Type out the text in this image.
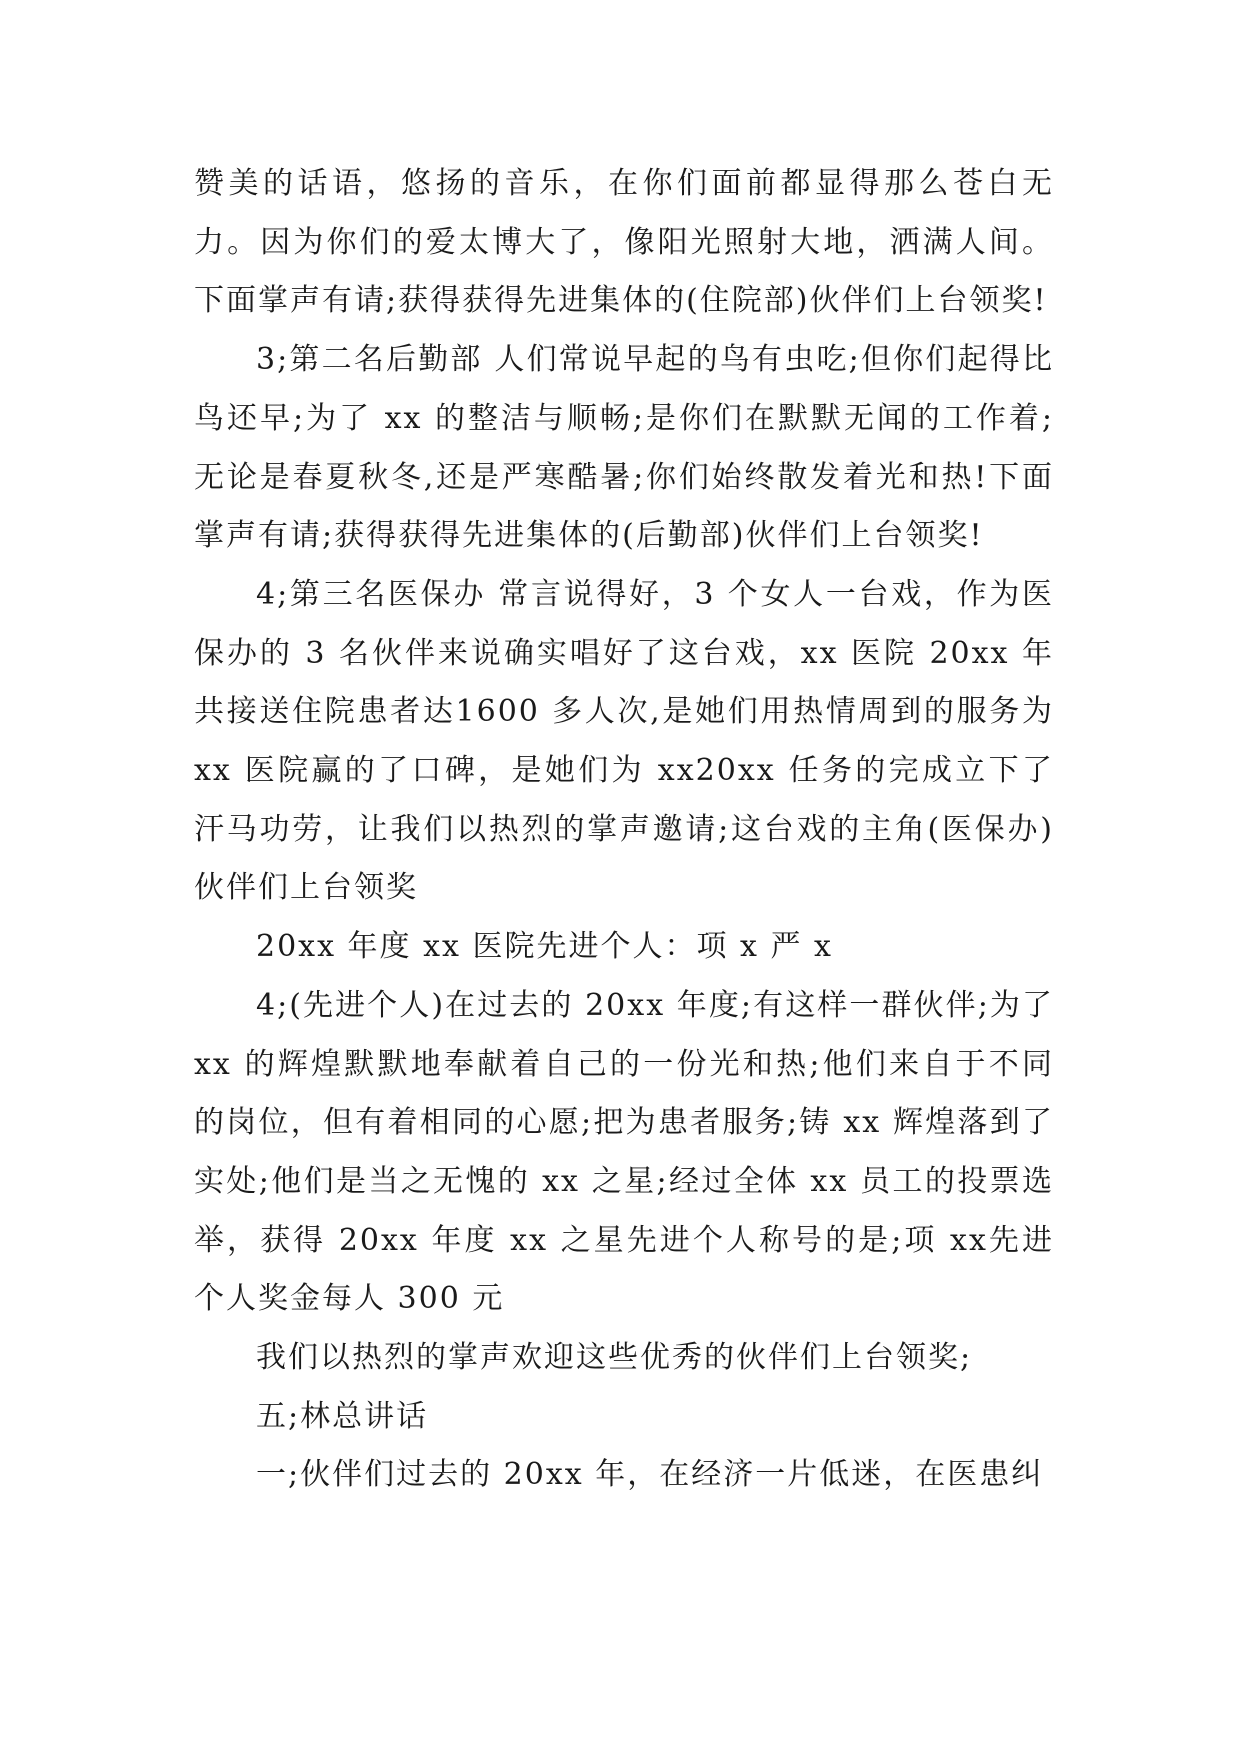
赞美的话语，悠扬的音乐，在你们面前都显得那么苍白无力。因为你们的爱太博大了，像阳光照射大地，洒满人间。下面掌声有请;获得获得先进集体的(住院部)伙伴们上台领奖!

3;第二名后勤部 人们常说早起的鸟有虫吃;但你们起得比鸟还早;为了 xx 的整洁与顺畅;是你们在默默无闻的工作着;无论是春夏秋冬,还是严寒酷暑;你们始终散发着光和热!下面掌声有请;获得获得先进集体的(后勤部)伙伴们上台领奖!

4;第三名医保办 常言说得好，3 个女人一台戏，作为医保办的 3 名伙伴来说确实唱好了这台戏，xx 医院 20xx 年共接送住院患者达1600 多人次,是她们用热情周到的服务为xx 医院赢的了口碑，是她们为 xx20xx 任务的完成立下了汗马功劳，让我们以热烈的掌声邀请;这台戏的主角(医保办)伙伴们上台领奖

20xx 年度 xx 医院先进个人：项 x 严 x

4;(先进个人)在过去的 20xx 年度;有这样一群伙伴;为了 xx 的辉煌默默地奉献着自己的一份光和热;他们来自于不同的岗位，但有着相同的心愿;把为患者服务;铸 xx 辉煌落到了实处;他们是当之无愧的 xx 之星;经过全体 xx 员工的投票选举，获得 20xx 年度 xx 之星先进个人称号的是;项 xx先进个人奖金每人 300 元

我们以热烈的掌声欢迎这些优秀的伙伴们上台领奖;

五;林总讲话

一;伙伴们过去的 20xx 年，在经济一片低迷，在医患纠
